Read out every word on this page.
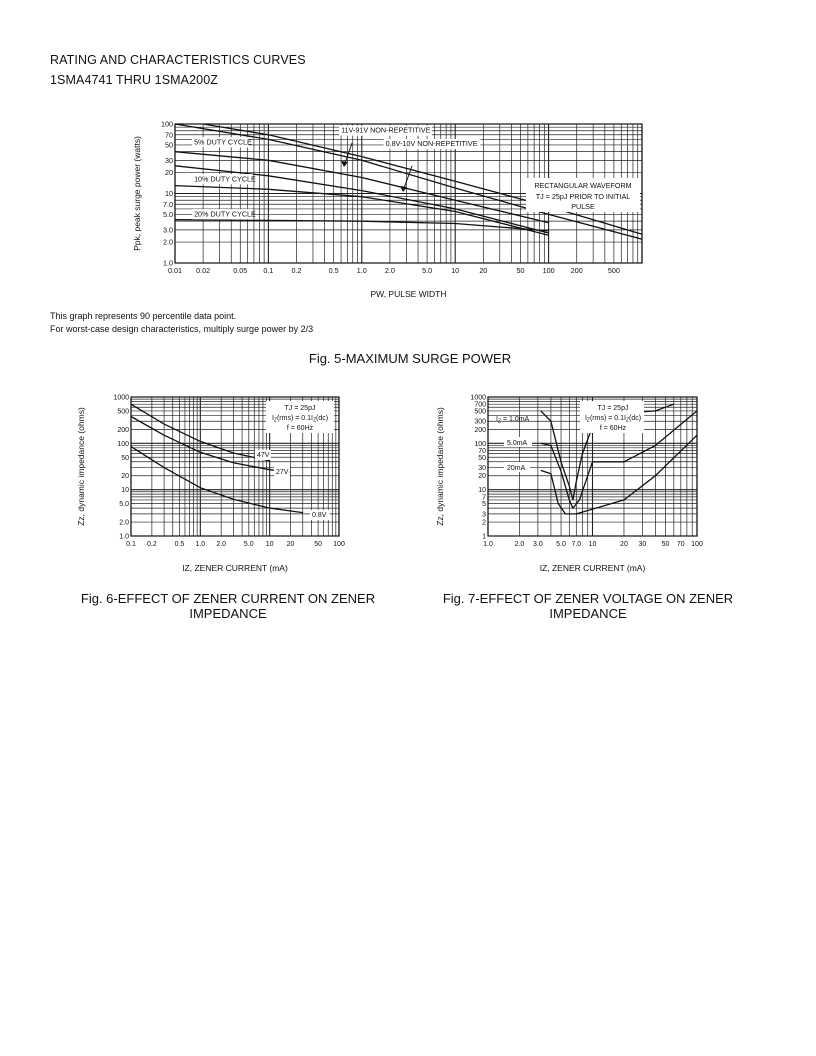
RATING AND CHARACTERISTICS CURVES
1SMA4741 THRU 1SMA200Z
0.01 0.02	0.05 0.1	0.2	0.5	1.0	2.0	5.0	10	20	50	100 200	500
1.0
2.0
3.0
5.0
7.0
10
20
30
50
70
100
PW, PULSE WIDTH
Ppk, peak surge power (watts)
11V-91V NON-REPETITIVE
0.8V-10V NON-REPETITIVE
5% DUTY CYCLE
10% DUTY CYCLE
20% DUTY CYCLE
RECTANGULAR WAVEFORM
TJ = 25pJ PRIOR TO INITIAL
PULSE
0.1 0.2	0.5 1.0 2.0	5.0 10 20	50 100
1.0
2.0
5.0
10
20
50
100
200
500
1000
IZ, ZENER CURRENT (mA)
Zz, dynamic impedance (ohms)	TJ = 25pJ
$I_Z(rms) = 0.1I_Z(dc)$
f = 60Hz
47V
27V
0.8V
1.0	2.0 3.0 5.0 7.0 10	20 30 50 70 100
1
2
3
5
7
10
20
30
50
70
100
200
300
500
700
1000
IZ, ZENER CURRENT (mA)
Zz, dynamic impedance (ohms)	TJ = 25pJ
$I_Z(rms) = 0.1I_Z(dc)$
f = 60Hz
$I_Z = 1.0mA$
5.0mA
20mA
This graph represents 90 percentile data point.
For worst-case design characteristics, multiply surge power by 2/3
Fig. 5-MAXIMUM SURGE POWER
Fig. 6-EFFECT OF ZENER CURRENT ON ZENER IMPEDANCE
Fig. 7-EFFECT OF ZENER VOLTAGE ON ZENER IMPEDANCE
